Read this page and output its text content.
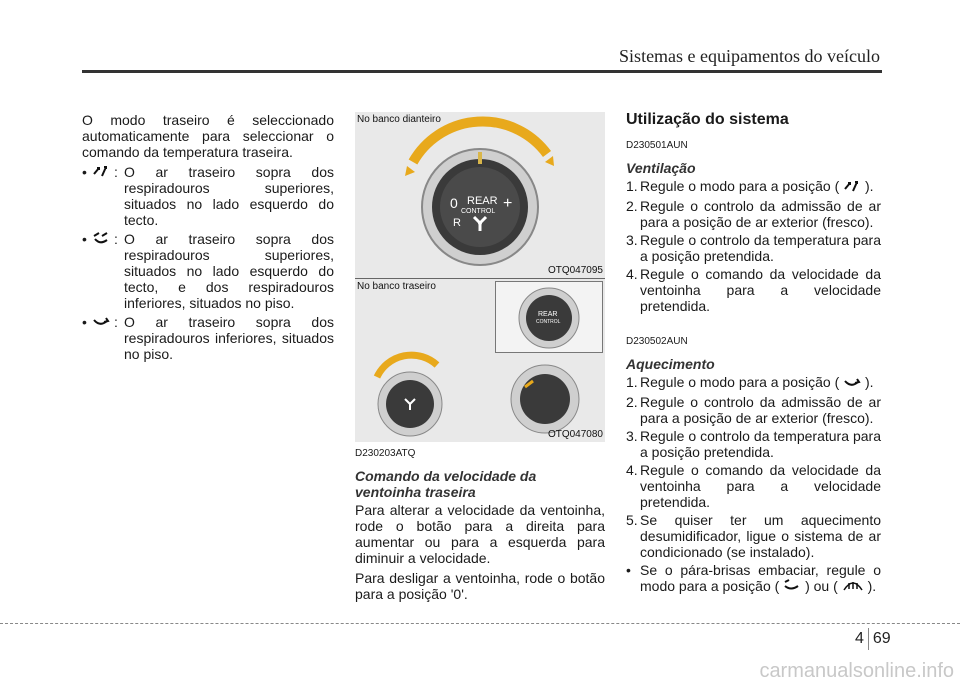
Sistemas e equipamentos do veículo

O modo traseiro é seleccionado automaticamente para seleccionar o comando da temperatura traseira.

•	: O ar traseiro sopra dos respiradouros superiores, situados no lado esquerdo do tecto.
•	: O ar traseiro sopra dos respiradouros superiores, situados no lado esquerdo do tecto, e dos respiradouros inferiores, situados no piso.
•	: O ar traseiro sopra dos respiradouros inferiores, situados no piso.
No banco dianteiro
0	+
R
REAR
CONTROL
OTQ047095
No banco traseiro
REAR
CONTROL
OTQ047080
D230203ATQ
Comando da velocidade da ventoinha traseira

Para alterar a velocidade da ventoinha, rode o botão para a direita para aumentar ou para a esquerda para diminuir a velocidade.

Para desligar a ventoinha, rode o botão para a posição '0'.

Utilização do sistema
D230501AUN
Ventilação
1. Regule o modo para a posição ( ).
2. Regule o controlo da admissão de ar para a posição de ar exterior (fresco).
3. Regule o controlo da temperatura para a posição pretendida.
4. Regule o comando da velocidade da ventoinha para a velocidade pretendida.
D230502AUN
Aquecimento
1. Regule o modo para a posição ( ).
2. Regule o controlo da admissão de ar para a posição de ar exterior (fresco).
3. Regule o controlo da temperatura para a posição pretendida.
4. Regule o comando da velocidade da ventoinha para a velocidade pretendida.
5. Se quiser ter um aquecimento desumidificador, ligue o sistema de ar condicionado (se instalado).
• Se o pára-brisas embaciar, regule o modo para a posição ( ) ou ( ).
4 69
carmanualsonline.info
